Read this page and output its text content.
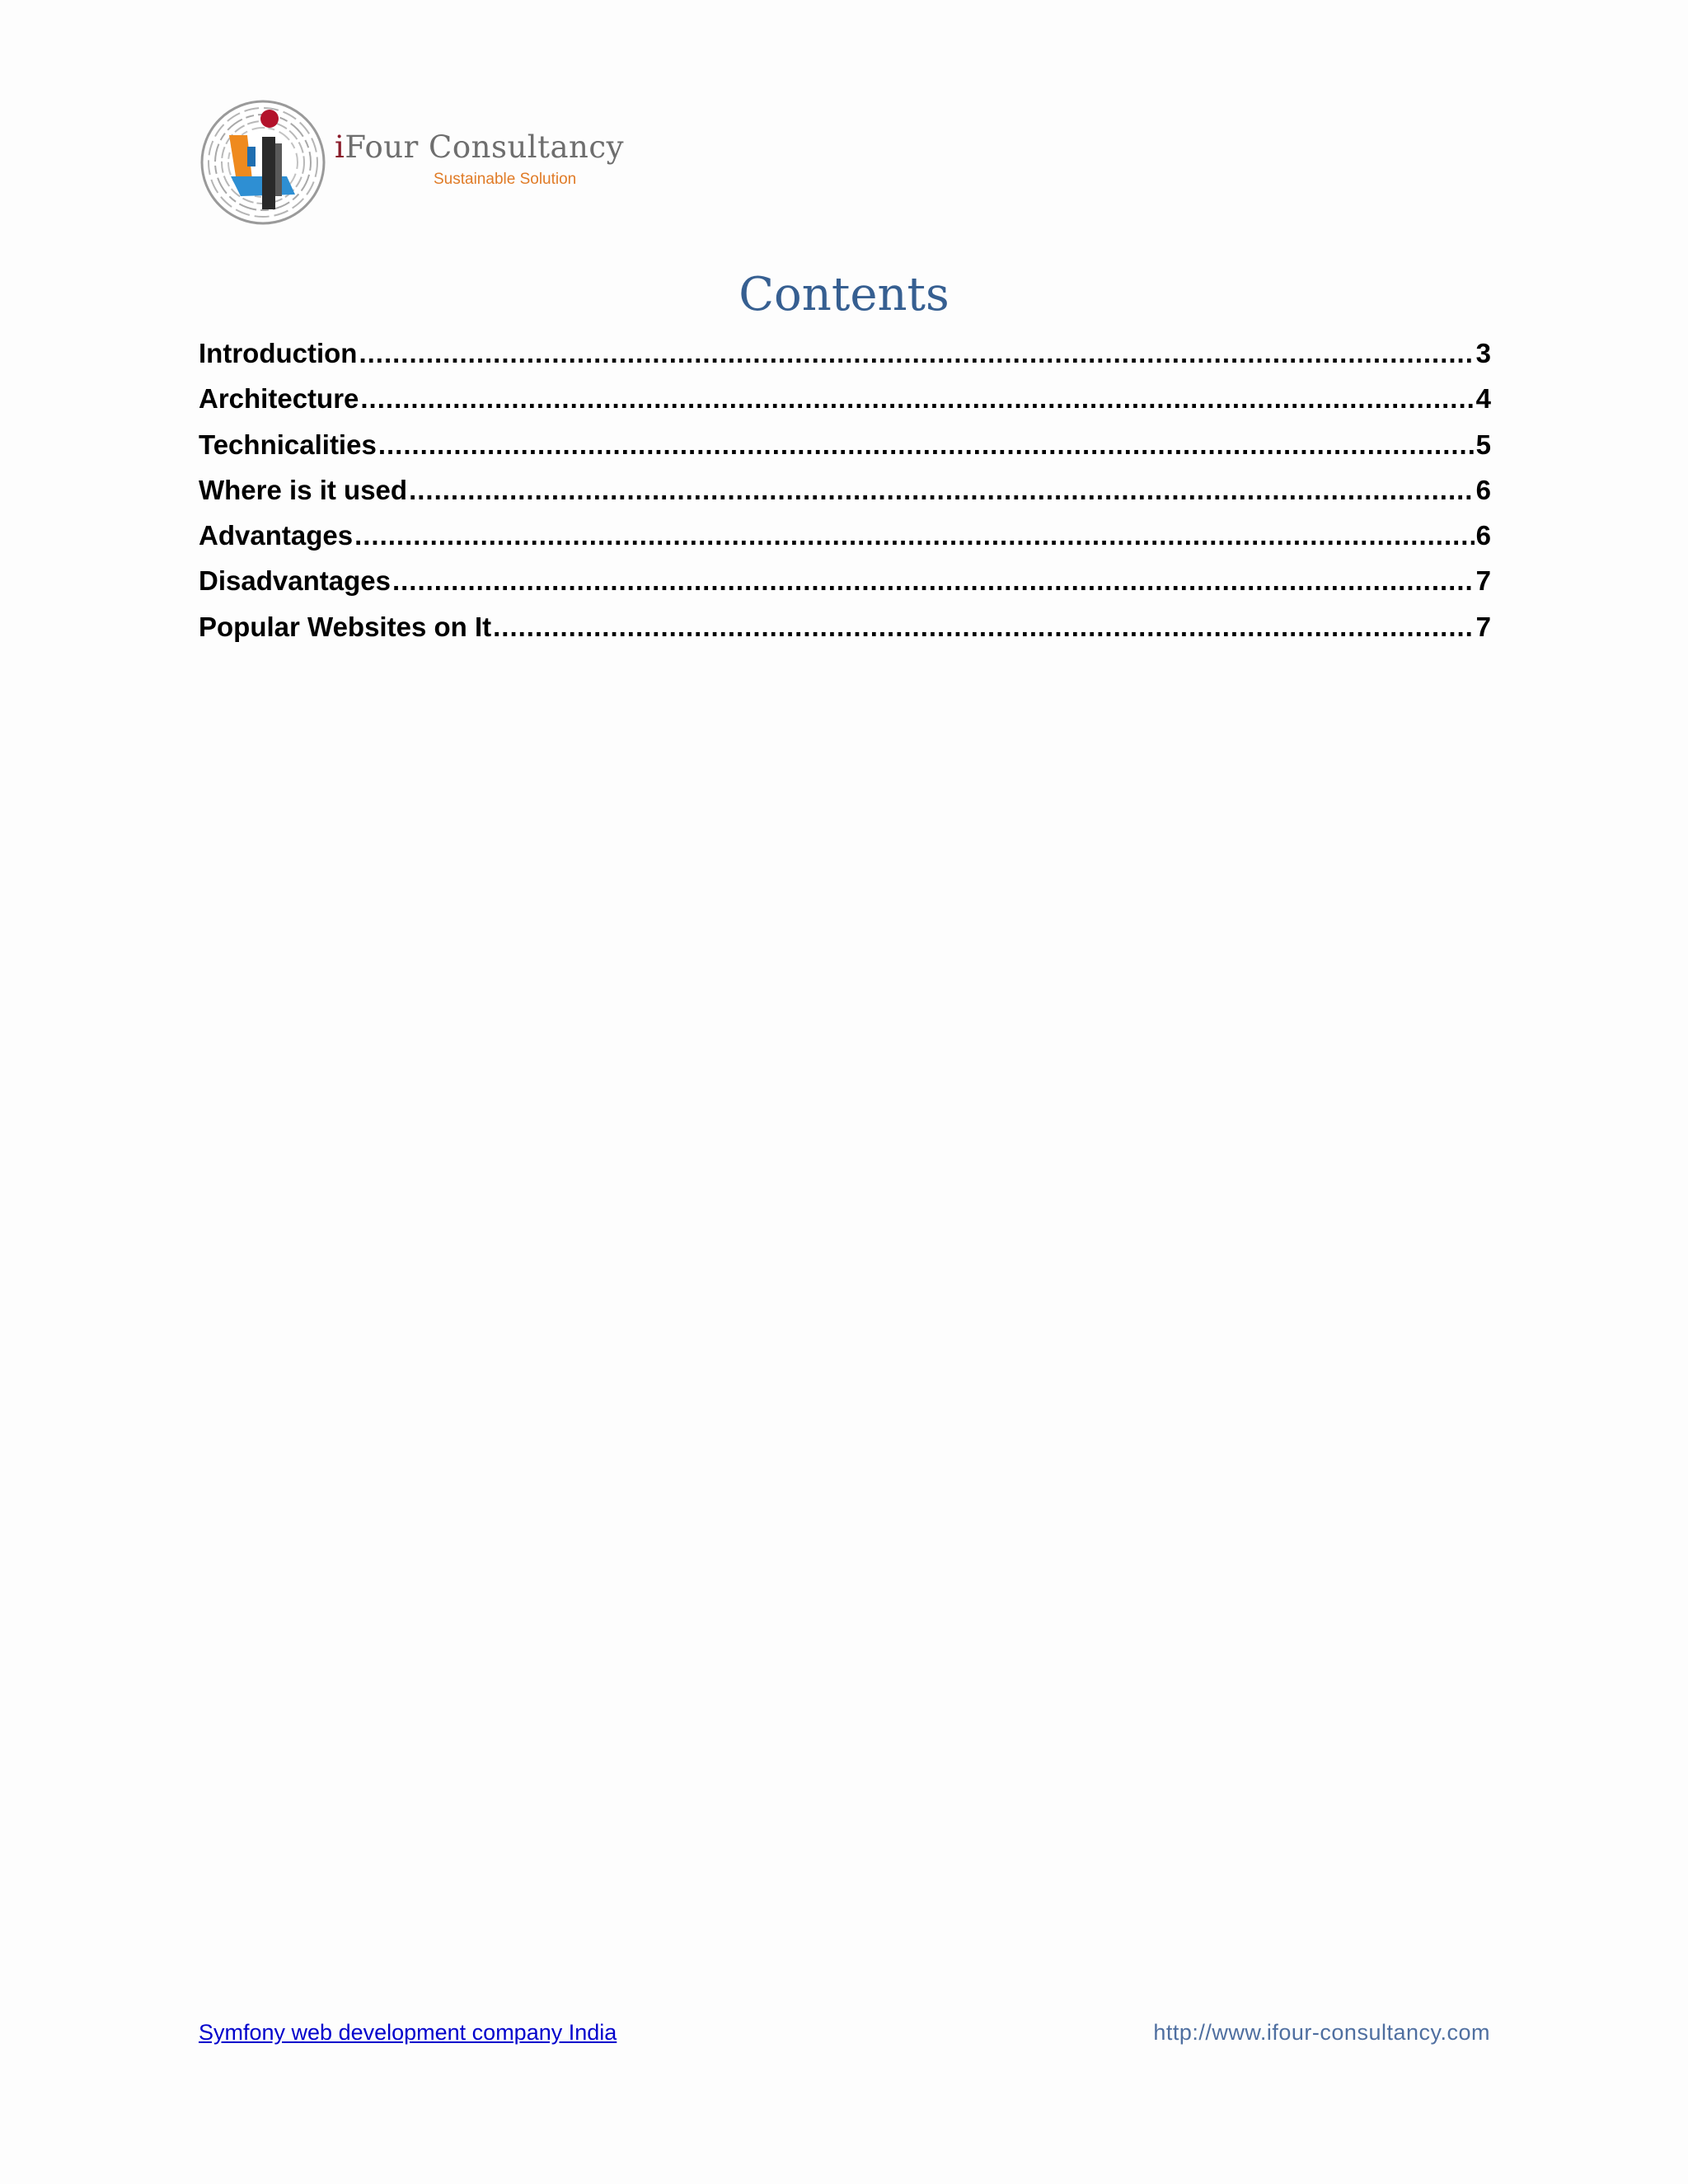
iFour Consultancy
Sustainable Solution
Contents
Introduction .....	3
Architecture .....	4
Technicalities .....	5
Where is it used .....	6
Advantages .....	6
Disadvantages .....	7
Popular Websites on It .....	7
Symfony web development company India	http://www.ifour-consultancy.com
